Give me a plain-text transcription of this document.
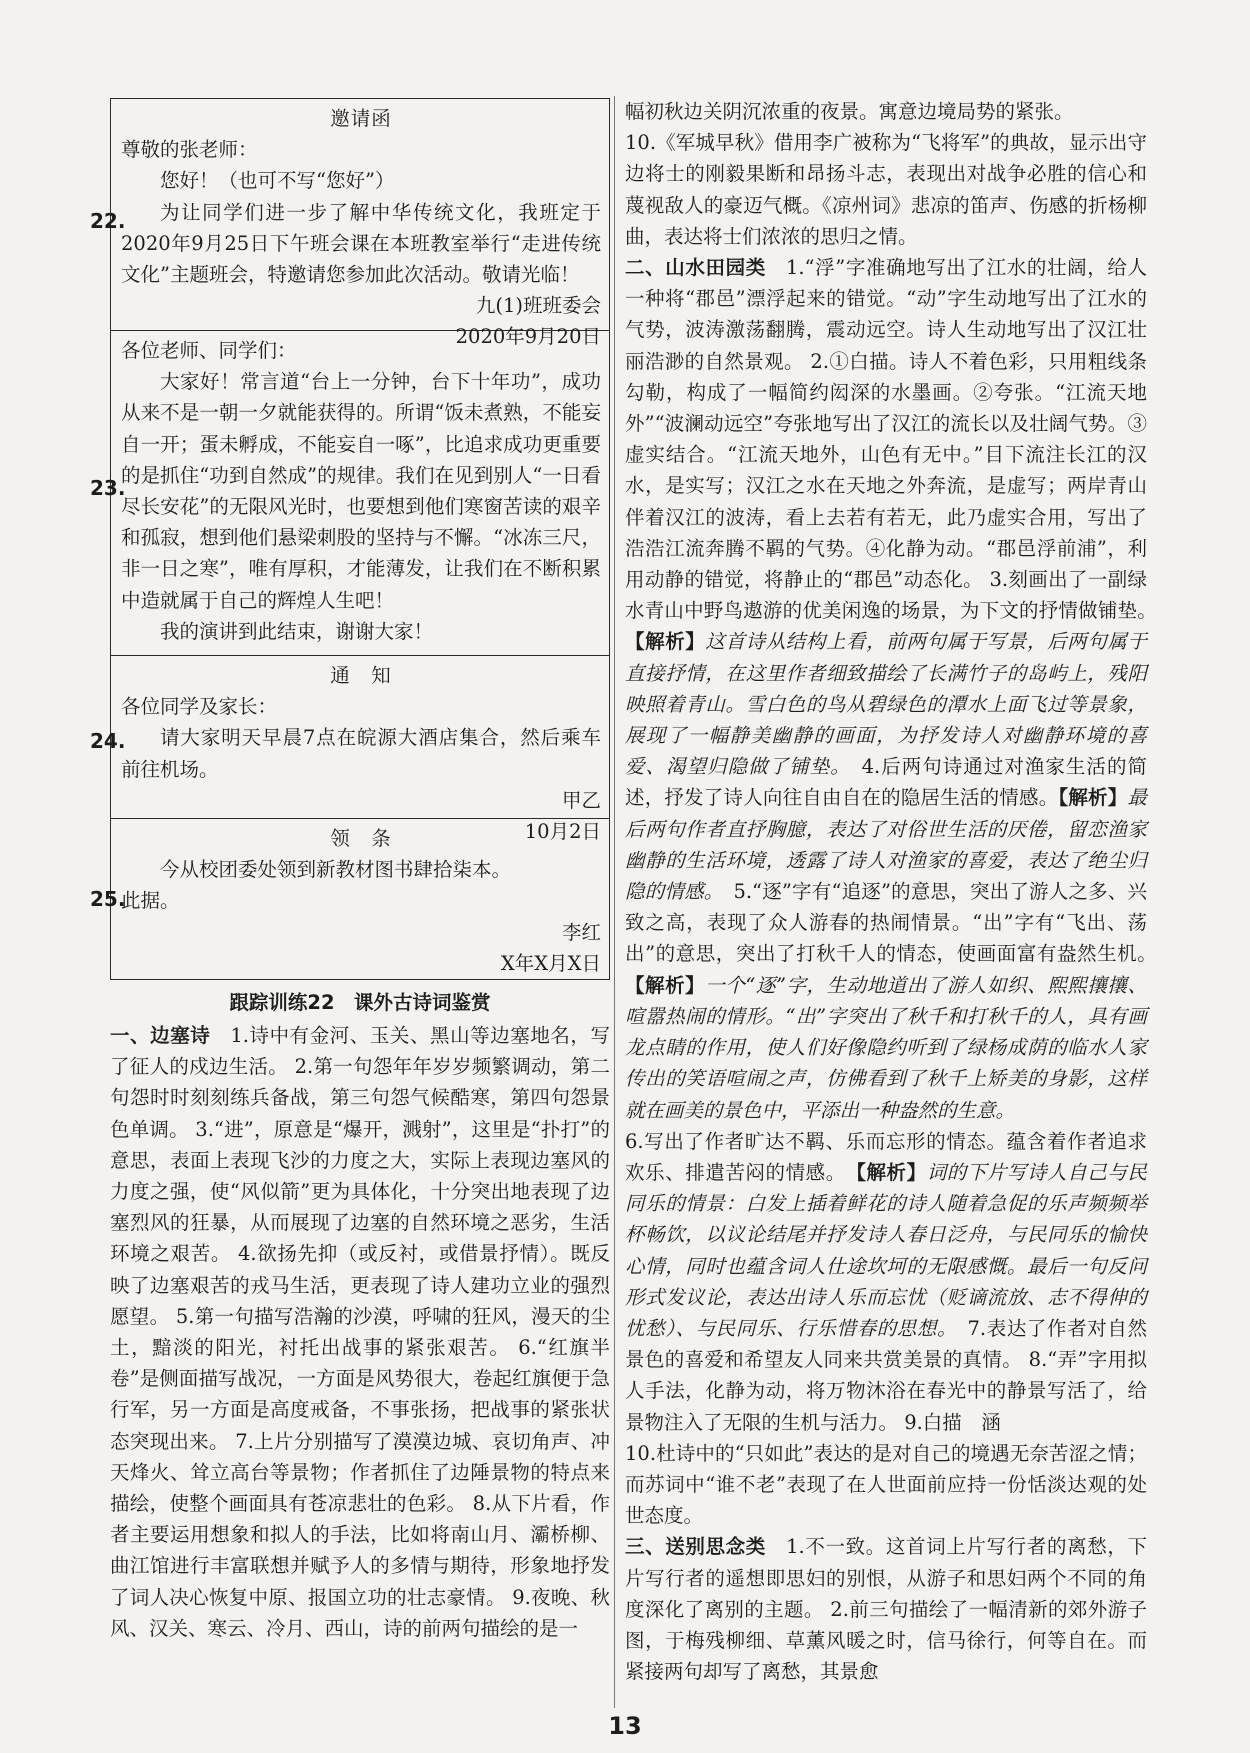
22.

邀请函

尊敬的张老师：

您好！（也可不写“您好”）

为让同学们进一步了解中华传统文化，我班定于2020年9月25日下午班会课在本班教室举行“走进传统文化”主题班会，特邀请您参加此次活动。敬请光临！

九(1)班班委会

2020年9月20日

23.

各位老师、同学们：

大家好！常言道“台上一分钟，台下十年功”，成功从来不是一朝一夕就能获得的。所谓“饭未煮熟，不能妄自一开；蛋未孵成，不能妄自一啄”，比追求成功更重要的是抓住“功到自然成”的规律。我们在见到别人“一日看尽长安花”的无限风光时，也要想到他们寒窗苦读的艰辛和孤寂，想到他们悬梁刺股的坚持与不懈。“冰冻三尺，非一日之寒”，唯有厚积，才能薄发，让我们在不断积累中造就属于自己的辉煌人生吧！

我的演讲到此结束，谢谢大家！

24.

通　知

各位同学及家长：

请大家明天早晨7点在皖源大酒店集合，然后乘车前往机场。

甲乙

10月2日

25.

领　条

今从校团委处领到新教材图书肆拾柒本。

此据。

李红

X年X月X日

跟踪训练22　课外古诗词鉴赏

一、边塞诗　 1.诗中有金河、玉关、黑山等边塞地名，写了征人的戍边生活。 2.第一句怨年年岁岁频繁调动，第二句怨时时刻刻练兵备战，第三句怨气候酷寒，第四句怨景色单调。 3.“进”，原意是“爆开，溅射”，这里是“扑打”的意思，表面上表现飞沙的力度之大，实际上表现边塞风的力度之强，使“风似箭”更为具体化，十分突出地表现了边塞烈风的狂暴，从而展现了边塞的自然环境之恶劣，生活环境之艰苦。 4.欲扬先抑（或反衬，或借景抒情）。既反映了边塞艰苦的戎马生活，更表现了诗人建功立业的强烈愿望。 5.第一句描写浩瀚的沙漠，呼啸的狂风，漫天的尘土，黯淡的阳光，衬托出战事的紧张艰苦。 6.“红旗半卷”是侧面描写战况，一方面是风势很大，卷起红旗便于急行军，另一方面是高度戒备，不事张扬，把战事的紧张状态突现出来。 7.上片分别描写了漠漠边城、哀切角声、冲天烽火、耸立高台等景物；作者抓住了边陲景物的特点来描绘，使整个画面具有苍凉悲壮的色彩。 8.从下片看，作者主要运用想象和拟人的手法，比如将南山月、灞桥柳、曲江馆进行丰富联想并赋予人的多情与期待，形象地抒发了词人决心恢复中原、报国立功的壮志豪情。 9.夜晚、秋风、汉关、寒云、冷月、西山，诗的前两句描绘的是一

幅初秋边关阴沉浓重的夜景。寓意边境局势的紧张。

10.《军城早秋》借用李广被称为“飞将军”的典故，显示出守边将士的刚毅果断和昂扬斗志，表现出对战争必胜的信心和蔑视敌人的豪迈气概。《凉州词》悲凉的笛声、伤感的折杨柳曲，表达将士们浓浓的思归之情。

二、山水田园类　 1.“浮”字准确地写出了江水的壮阔，给人一种将“郡邑”漂浮起来的错觉。“动”字生动地写出了江水的气势，波涛激荡翻腾，震动远空。诗人生动地写出了汉江壮丽浩渺的自然景观。 2.①白描。诗人不着色彩，只用粗线条勾勒，构成了一幅简约闳深的水墨画。②夸张。“江流天地外”“波澜动远空”夸张地写出了汉江的流长以及壮阔气势。③虚实结合。“江流天地外，山色有无中。”目下流注长江的汉水，是实写；汉江之水在天地之外奔流，是虚写；两岸青山伴着汉江的波涛，看上去若有若无，此乃虚实合用，写出了浩浩江流奔腾不羁的气势。④化静为动。“郡邑浮前浦”，利用动静的错觉，将静止的“郡邑”动态化。 3.刻画出了一副绿水青山中野鸟遨游的优美闲逸的场景，为下文的抒情做铺垫。　【解析】这首诗从结构上看，前两句属于写景，后两句属于直接抒情，在这里作者细致描绘了长满竹子的岛屿上，残阳映照着青山。雪白色的鸟从碧绿色的潭水上面飞过等景象，展现了一幅静美幽静的画面，为抒发诗人对幽静环境的喜爱、渴望归隐做了铺垫。　 4.后两句诗通过对渔家生活的简述，抒发了诗人向往自由自在的隐居生活的情感。【解析】最后两句作者直抒胸臆，表达了对俗世生活的厌倦，留恋渔家幽静的生活环境，透露了诗人对渔家的喜爱，表达了绝尘归隐的情感。　 5.“逐”字有“追逐”的意思，突出了游人之多、兴致之高，表现了众人游春的热闹情景。“出”字有“飞出、荡出”的意思，突出了打秋千人的情态，使画面富有盎然生机。　【解析】一个“逐”字，生动地道出了游人如织、熙熙攘攘、喧嚣热闹的情形。“出”字突出了秋千和打秋千的人，具有画龙点睛的作用，使人们好像隐约听到了绿杨成荫的临水人家传出的笑语喧闹之声，仿佛看到了秋千上矫美的身影，这样就在画美的景色中，平添出一种盎然的生意。

6.写出了作者旷达不羁、乐而忘形的情态。蕴含着作者追求欢乐、排遣苦闷的情感。　 【解析】词的下片写诗人自己与民同乐的情景：白发上插着鲜花的诗人随着急促的乐声频频举杯畅饮，以议论结尾并抒发诗人春日泛舟，与民同乐的愉快心情，同时也蕴含词人仕途坎坷的无限感慨。最后一句反问形式发议论，表达出诗人乐而忘忧（贬谪流放、志不得伸的忧愁）、与民同乐、行乐惜春的思想。　 7.表达了作者对自然景色的喜爱和希望友人同来共赏美景的真情。 8.“弄”字用拟人手法，化静为动，将万物沐浴在春光中的静景写活了，给景物注入了无限的生机与活力。 9.白描　涵

10.杜诗中的“只如此”表达的是对自己的境遇无奈苦涩之情；而苏词中“谁不老”表现了在人世面前应持一份恬淡达观的处世态度。

三、送别思念类　 1.不一致。这首词上片写行者的离愁，下片写行者的遥想即思妇的别恨，从游子和思妇两个不同的角度深化了离别的主题。 2.前三句描绘了一幅清新的郊外游子图，于梅残柳细、草薰风暖之时，信马徐行，何等自在。而紧接两句却写了离愁，其景愈

13
